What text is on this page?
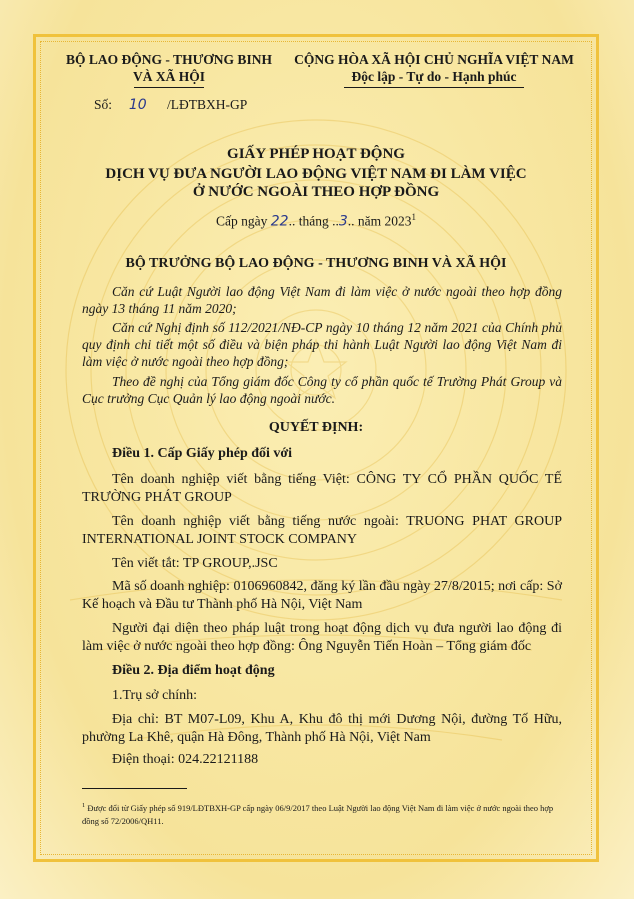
BỘ LAO ĐỘNG - THƯƠNG BINH
VÀ XÃ HỘI
CỘNG HÒA XÃ HỘI CHỦ NGHĨA VIỆT NAM
Độc lập - Tự do - Hạnh phúc
Số: 10 /LĐTBXH-GP
GIẤY PHÉP HOẠT ĐỘNG
DỊCH VỤ ĐƯA NGƯỜI LAO ĐỘNG VIỆT NAM ĐI LÀM VIỆC
Ở NƯỚC NGOÀI THEO HỢP ĐỒNG
Cấp ngày 22.. tháng ..3.. năm 2023$^1$
BỘ TRƯỞNG BỘ LAO ĐỘNG - THƯƠNG BINH VÀ XÃ HỘI
Căn cứ Luật Người lao động Việt Nam đi làm việc ở nước ngoài theo hợp đồng ngày 13 tháng 11 năm 2020;
Căn cứ Nghị định số 112/2021/NĐ-CP ngày 10 tháng 12 năm 2021 của Chính phủ quy định chi tiết một số điều và biện pháp thi hành Luật Người lao động Việt Nam đi làm việc ở nước ngoài theo hợp đồng;
Theo đề nghị của Tổng giám đốc Công ty cổ phần quốc tế Trường Phát Group và Cục trưởng Cục Quản lý lao động ngoài nước.
QUYẾT ĐỊNH:
Điều 1. Cấp Giấy phép đối với
Tên doanh nghiệp viết bằng tiếng Việt: CÔNG TY CỔ PHẦN QUỐC TẾ TRƯỜNG PHÁT GROUP
Tên doanh nghiệp viết bằng tiếng nước ngoài: TRUONG PHAT GROUP INTERNATIONAL JOINT STOCK COMPANY
Tên viết tắt: TP GROUP,.JSC
Mã số doanh nghiệp: 0106960842, đăng ký lần đầu ngày 27/8/2015; nơi cấp: Sở Kế hoạch và Đầu tư Thành phố Hà Nội, Việt Nam
Người đại diện theo pháp luật trong hoạt động dịch vụ đưa người lao động đi làm việc ở nước ngoài theo hợp đồng: Ông Nguyễn Tiến Hoàn – Tổng giám đốc
Điều 2. Địa điểm hoạt động
1.Trụ sở chính:
Địa chỉ: BT M07-L09, Khu A, Khu đô thị mới Dương Nội, đường Tố Hữu, phường La Khê, quận Hà Đông, Thành phố Hà Nội, Việt Nam
Điện thoại: 024.22121188
$^1$ Được đổi từ Giấy phép số 919/LĐTBXH-GP cấp ngày 06/9/2017 theo Luật Người lao động Việt Nam đi làm việc ở nước ngoài theo hợp đồng số 72/2006/QH11.
